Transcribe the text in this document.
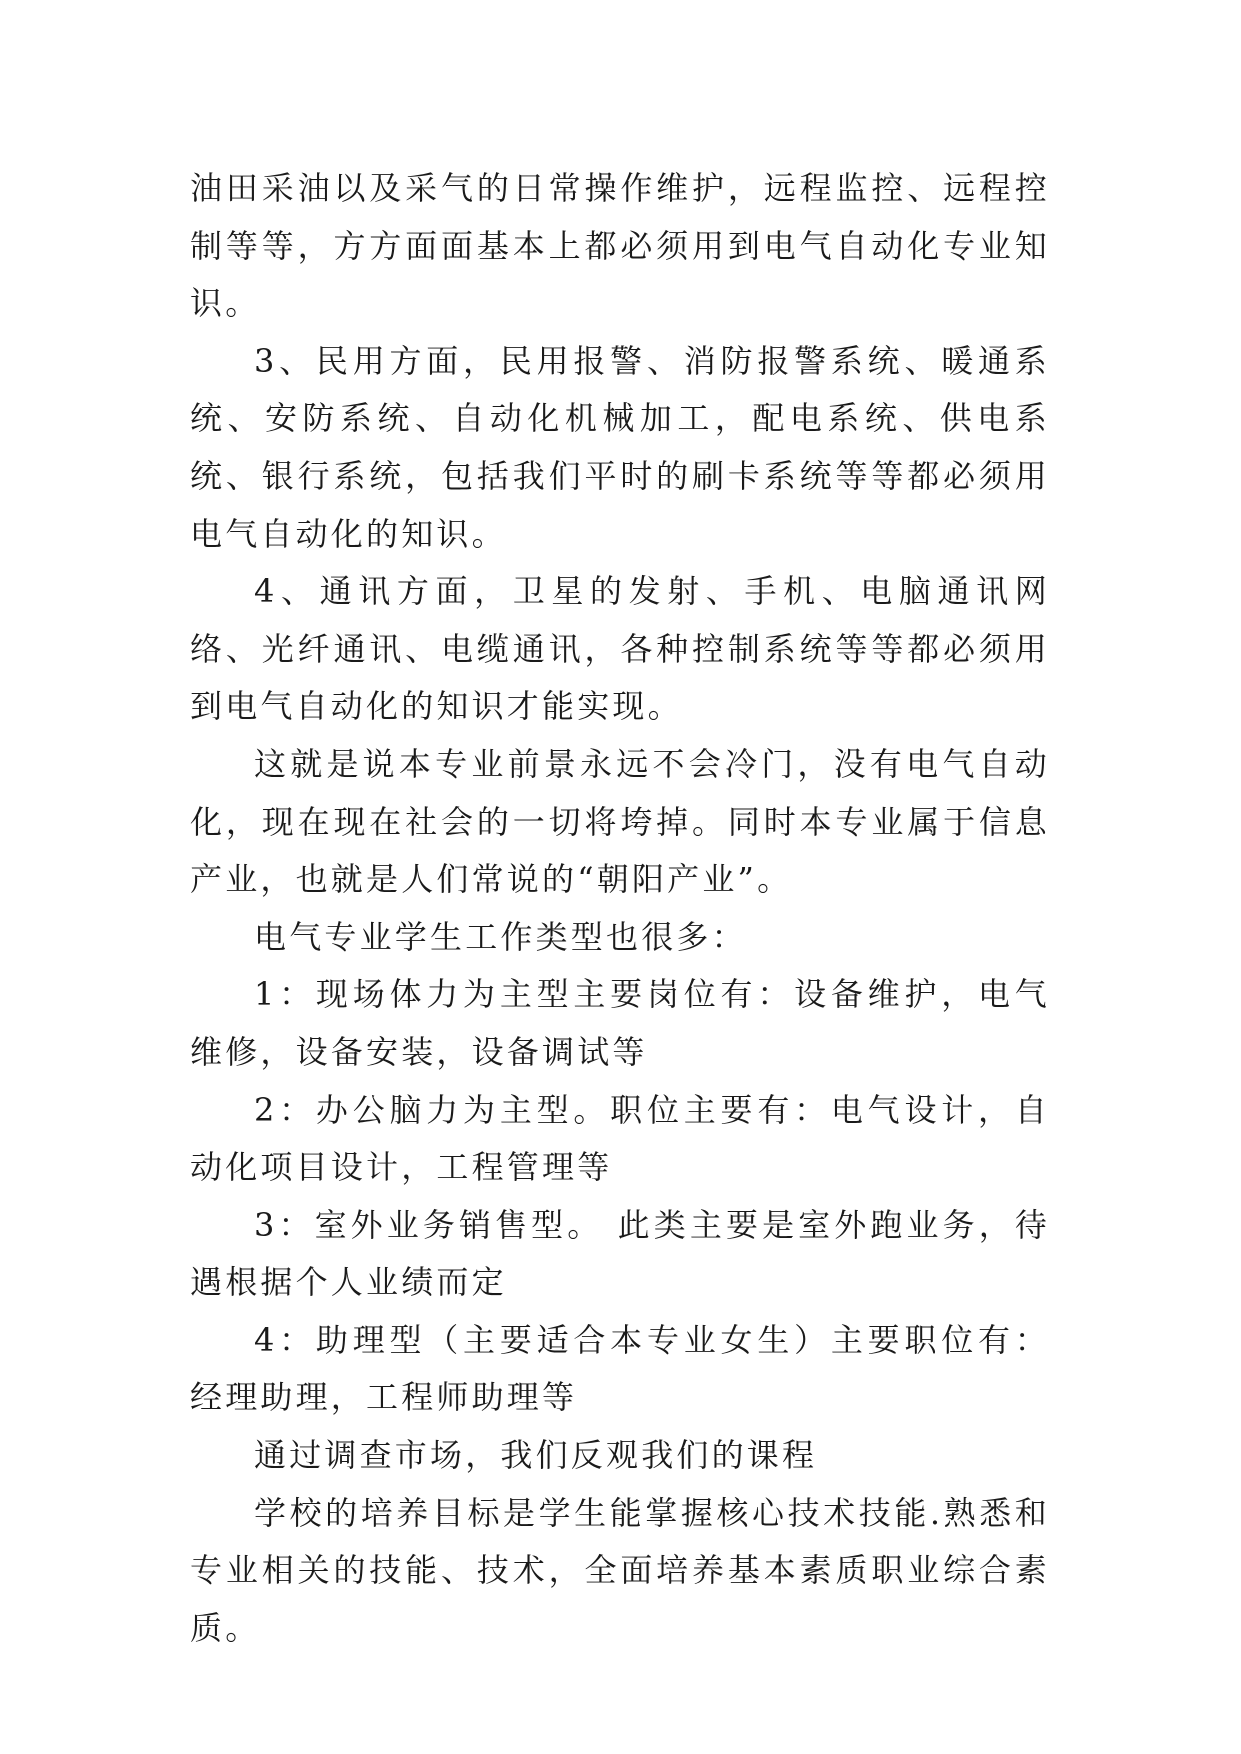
油田采油以及采气的日常操作维护，远程监控、远程控制等等，方方面面基本上都必须用到电气自动化专业知识。

3、民用方面，民用报警、消防报警系统、暖通系统、安防系统、自动化机械加工，配电系统、供电系统、银行系统，包括我们平时的刷卡系统等等都必须用电气自动化的知识。

4、通讯方面，卫星的发射、手机、电脑通讯网络、光纤通讯、电缆通讯，各种控制系统等等都必须用到电气自动化的知识才能实现。

这就是说本专业前景永远不会冷门，没有电气自动化，现在现在社会的一切将垮掉。同时本专业属于信息产业，也就是人们常说的“朝阳产业”。

电气专业学生工作类型也很多：

1：现场体力为主型主要岗位有：设备维护，电气维修，设备安装，设备调试等

2：办公脑力为主型。职位主要有：电气设计，自动化项目设计，工程管理等

3：室外业务销售型。 此类主要是室外跑业务，待遇根据个人业绩而定

4：助理型（主要适合本专业女生）主要职位有：经理助理，工程师助理等

通过调查市场，我们反观我们的课程

学校的培养目标是学生能掌握核心技术技能.熟悉和专业相关的技能、技术，全面培养基本素质职业综合素质。
